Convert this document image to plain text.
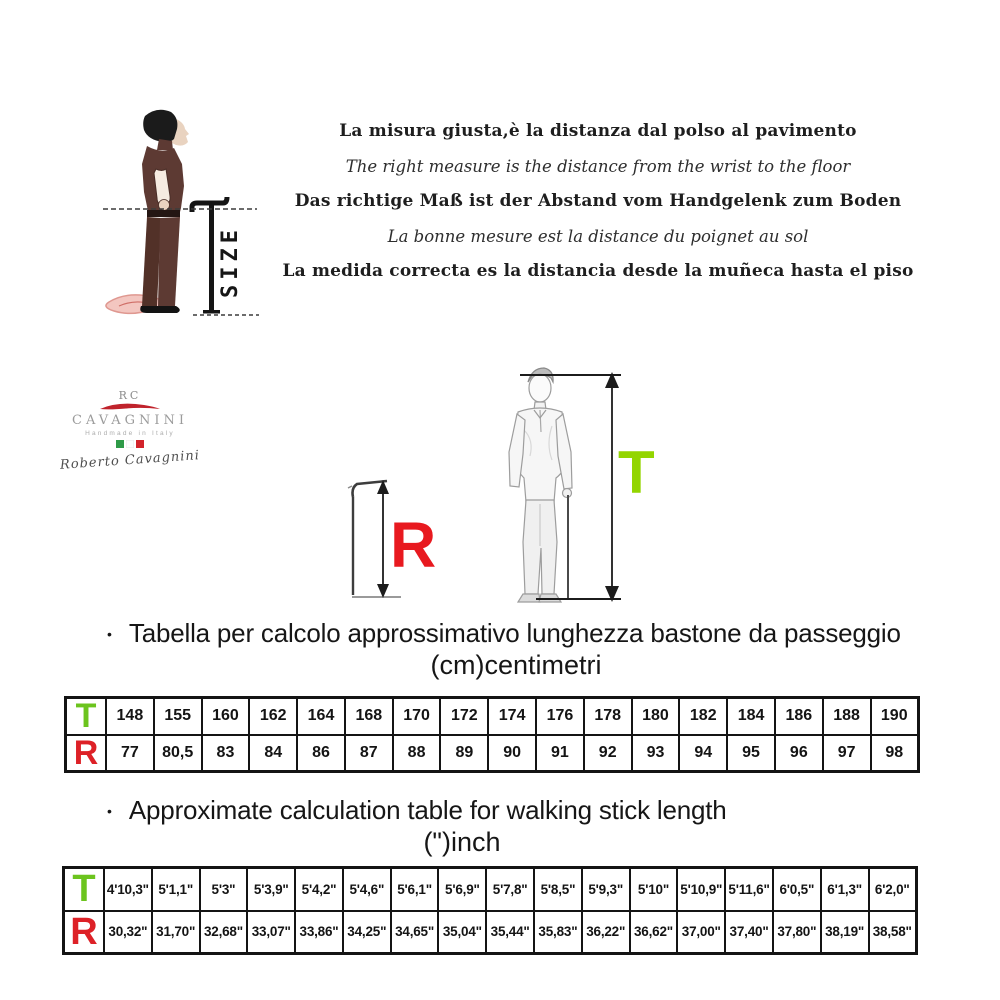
SIZE

La misura giusta,è la distanza dal polso al pavimento

The right measure is the distance from the wrist to the floor

Das richtige Maß ist der Abstand vom Handgelenk zum Boden

La bonne mesure est la distance du poignet au sol

La medida correcta es la distancia desde la muñeca hasta el piso

RC
CAVAGNINI
Handmade in Italy
Roberto Cavagnini
R
T
• Tabella per calcolo approssimativo lunghezza bastone da passeggio
(cm)centimetri
T	148	155	160	162	164	168	170	172	174	176	178	180	182	184	186	188	190
R	77	80,5	83	84	86	87	88	89	90	91	92	93	94	95	96	97	98
• Approximate calculation table for walking stick length
(")inch
T	4'10,3"	5'1,1"	5'3"	5'3,9"	5'4,2"	5'4,6"	5'6,1"	5'6,9"	5'7,8"	5'8,5"	5'9,3"	5'10"	5'10,9"	5'11,6"	6'0,5"	6'1,3"	6'2,0"
R	30,32"	31,70"	32,68"	33,07"	33,86"	34,25"	34,65"	35,04"	35,44"	35,83"	36,22"	36,62"	37,00"	37,40"	37,80"	38,19"	38,58"
